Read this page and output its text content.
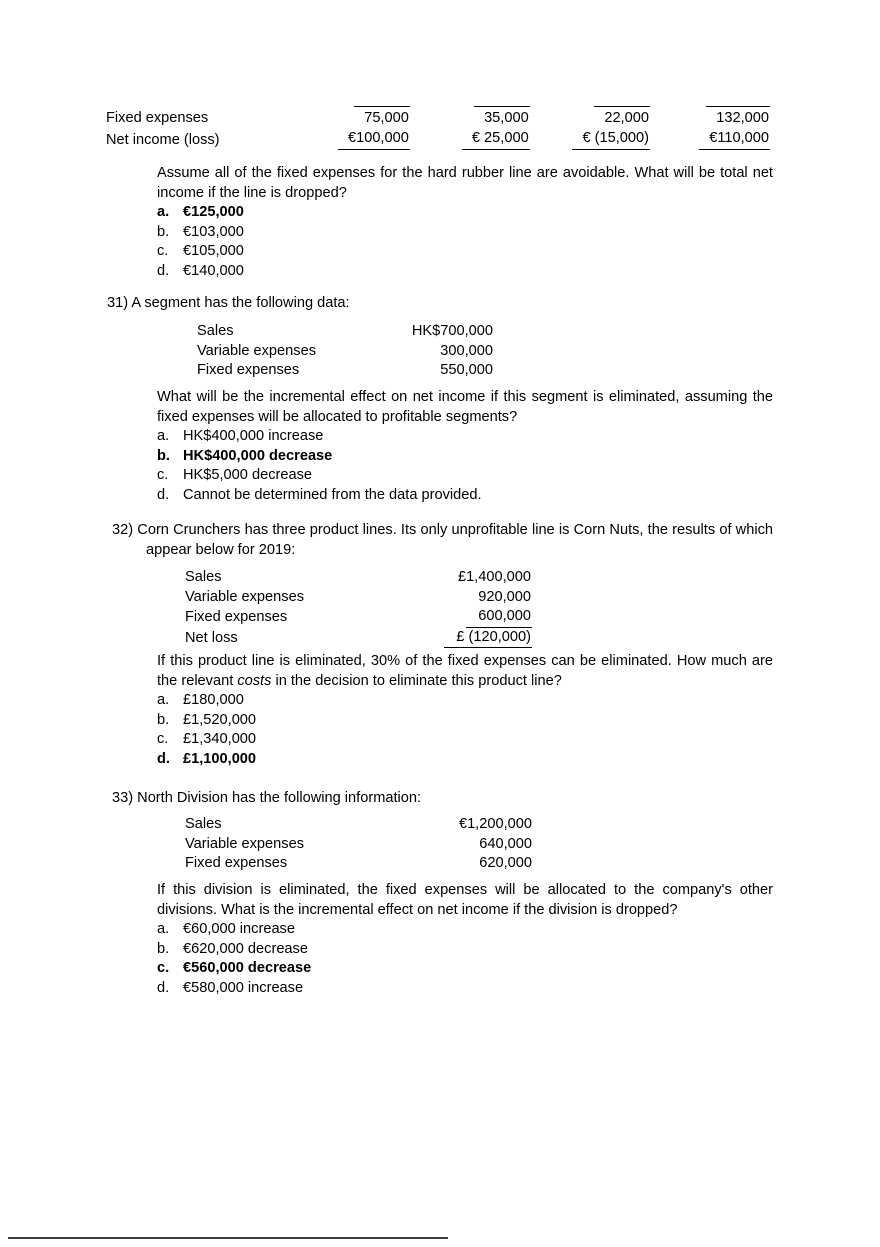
Fixed expenses	75,000	35,000	22,000	132,000
Net income (loss)	€100,000	€ 25,000	€ (15,000)	€110,000

Assume all of the fixed expenses for the hard rubber line are avoidable. What will be total net income if the line is dropped?

a. €125,000
b. €103,000
c. €105,000
d. €140,000
31) A segment has the following data:
Sales	HK$700,000
Variable expenses	300,000
Fixed expenses	550,000

What will be the incremental effect on net income if this segment is eliminated, assuming the fixed expenses will be allocated to profitable segments?

a. HK$400,000 increase
b. HK$400,000 decrease
c. HK$5,000 decrease
d. Cannot be determined from the data provided.

32) Corn Crunchers has three product lines. Its only unprofitable line is Corn Nuts, the results of which appear below for 2019:

Sales	£1,400,000
Variable expenses	920,000
Fixed expenses	600,000
Net loss	£ (120,000)

If this product line is eliminated, 30% of the fixed expenses can be eliminated. How much are the relevant costs in the decision to eliminate this product line?

a. £180,000
b. £1,520,000
c. £1,340,000
d. £1,100,000
33) North Division has the following information:
Sales	€1,200,000
Variable expenses	640,000
Fixed expenses	620,000

If this division is eliminated, the fixed expenses will be allocated to the company's other divisions. What is the incremental effect on net income if the division is dropped?

a. €60,000 increase
b. €620,000 decrease
c. €560,000 decrease
d. €580,000 increase
